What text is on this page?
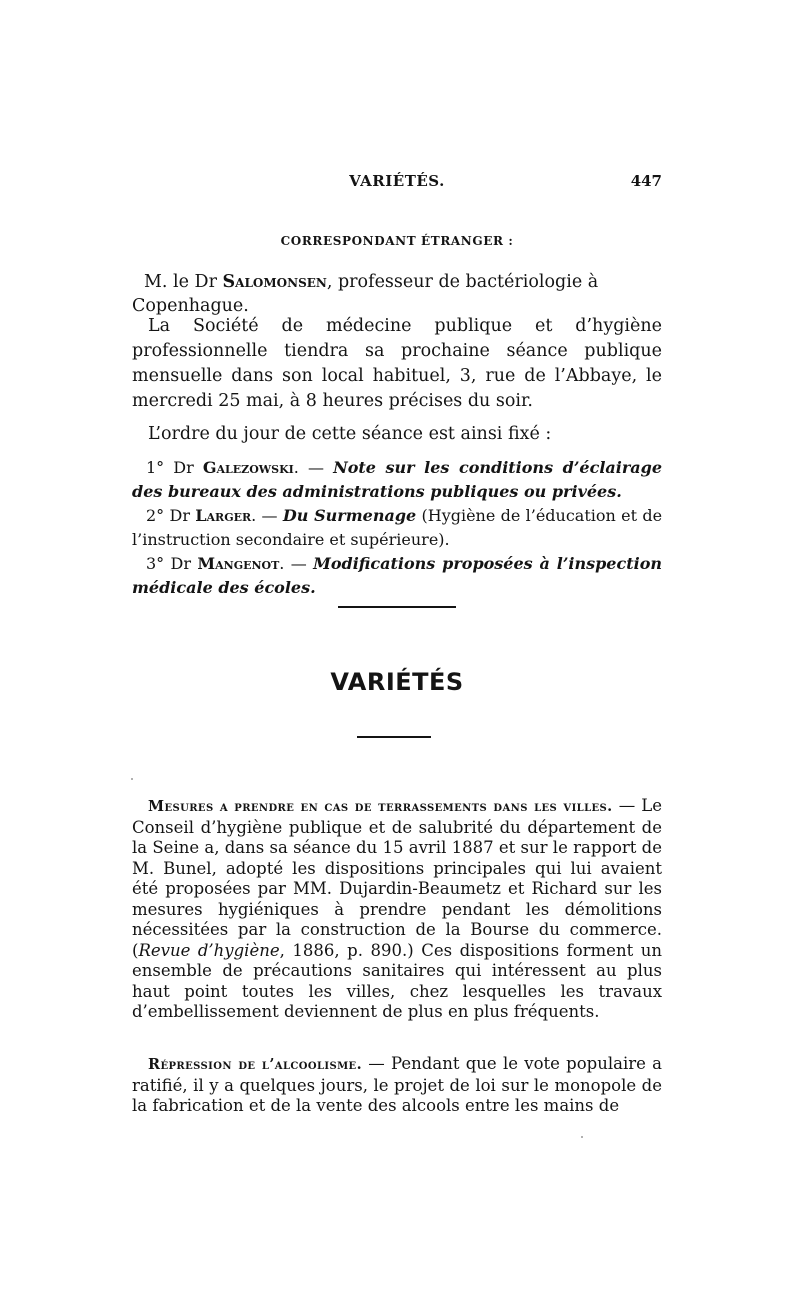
VARIÉTÉS.	447
CORRESPONDANT ÉTRANGER :
M. le Dr Salomonsen, professeur de bactériologie à Copenhague.

La Société de médecine publique et d’hygiène professionnelle tiendra sa prochaine séance publique mensuelle dans son local habituel, 3, rue de l’Abbaye, le mercredi 25 mai, à 8 heures précises du soir.

L’ordre du jour de cette séance est ainsi fixé :

1° Dr Galezowski. — Note sur les conditions d’éclairage des bureaux des administrations publiques ou privées.

2° Dr Larger. — Du Surmenage (Hygiène de l’éducation et de l’instruction secondaire et supérieure).

3° Dr Mangenot. — Modifications proposées à l’inspection médicale des écoles.

VARIÉTÉS

Mesures a prendre en cas de terrassements dans les villes. — Le Conseil d’hygiène publique et de salubrité du département de la Seine a, dans sa séance du 15 avril 1887 et sur le rapport de M. Bunel, adopté les dispositions principales qui lui avaient été proposées par MM. Dujardin-Beaumetz et Richard sur les mesures hygiéniques à prendre pendant les démolitions nécessitées par la construction de la Bourse du commerce. (Revue d’hygiène, 1886, p. 890.) Ces dispositions forment un ensemble de précautions sanitaires qui intéressent au plus haut point toutes les villes, chez lesquelles les travaux d’embellissement deviennent de plus en plus fréquents.

Répression de l’alcoolisme. — Pendant que le vote populaire a ratifié, il y a quelques jours, le projet de loi sur le monopole de la fabrication et de la vente des alcools entre les mains de
